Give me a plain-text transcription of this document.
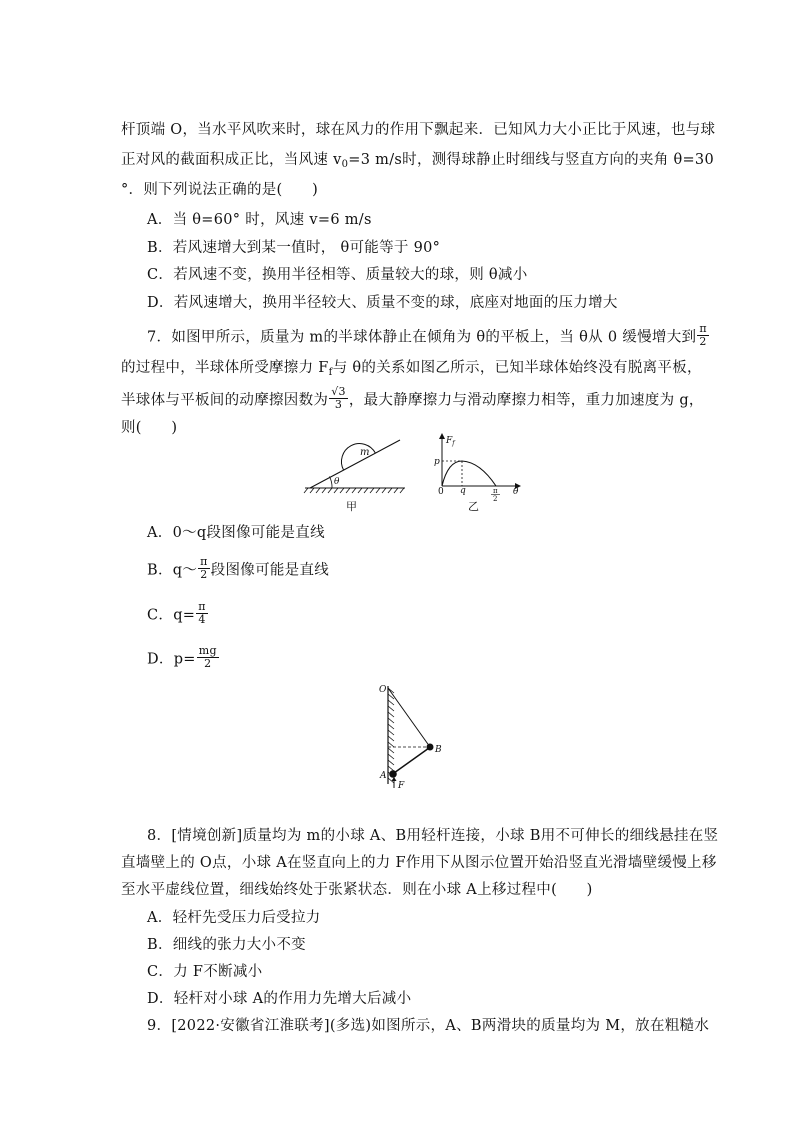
杆顶端 O，当水平风吹来时，球在风力的作用下飘起来．已知风力大小正比于风速，也与球
正对风的截面积成正比，当风速 $v_0=3$ m/s时，测得球静止时细线与竖直方向的夹角 θ=30
°．则下列说法正确的是(　　)
A．当 θ=60° 时，风速 v=6 m/s
B．若风速增大到某一值时， θ可能等于 90°
C．若风速不变，换用半径相等、质量较大的球，则 θ减小
D．若风速增大，换用半径较大、质量不变的球，底座对地面的压力增大
7．如图甲所示，质量为 m的半球体静止在倾角为 θ的平板上，当 θ从 0 缓慢增大到 $\frac{\pi}{2}$
的过程中，半球体所受摩擦力 $F_f$与 θ的关系如图乙所示，已知半球体始终没有脱离平板，
半球体与平板间的动摩擦因数为 $\frac{√3}{3}$ ，最大静摩擦力与滑动摩擦力相等，重力加速度为 g，
则(　　)
m
θ
甲
$F_f$
p
0 q	π
2
θ
乙
A．0～q段图像可能是直线
B．q～ $\frac{\pi}{2}$ 段图像可能是直线
C．$q= \frac{\pi}{4}$
D．$p= \frac{mg}{2}$
O
B
A
F
8．[情境创新]质量均为 m的小球 A、B用轻杆连接，小球 B用不可伸长的细线悬挂在竖
直墙壁上的 O点，小球 A在竖直向上的力 F作用下从图示位置开始沿竖直光滑墙壁缓慢上移
至水平虚线位置，细线始终处于张紧状态．则在小球 A上移过程中(　　)
A．轻杆先受压力后受拉力
B．细线的张力大小不变
C．力 F不断减小
D．轻杆对小球 A的作用力先增大后减小
9．[2022·安徽省江淮联考](多选)如图所示，A、B两滑块的质量均为 M，放在粗糙水
